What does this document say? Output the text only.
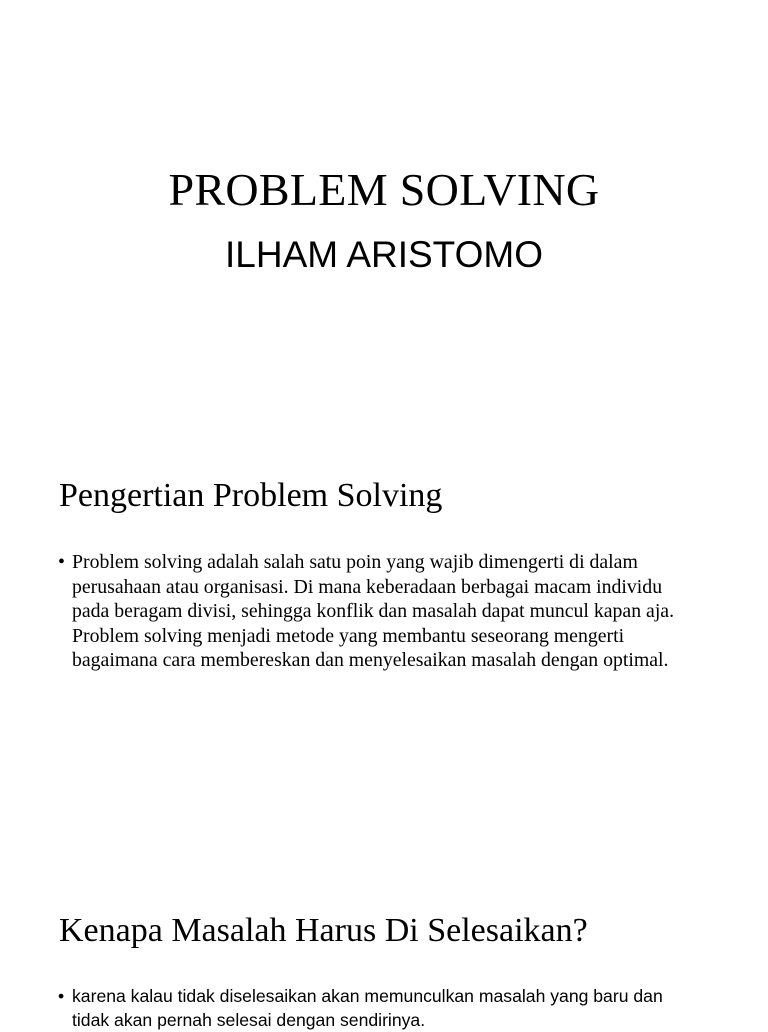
PROBLEM SOLVING
ILHAM ARISTOMO
Pengertian Problem Solving
• Problem solving adalah salah satu poin yang wajib dimengerti di dalam perusahaan atau organisasi. Di mana keberadaan berbagai macam individu pada beragam divisi, sehingga konflik dan masalah dapat muncul kapan aja. Problem solving menjadi metode yang membantu seseorang mengerti bagaimana cara membereskan dan menyelesaikan masalah dengan optimal.
Kenapa Masalah Harus Di Selesaikan?
• karena kalau tidak diselesaikan akan memunculkan masalah yang baru dan tidak akan pernah selesai dengan sendirinya.
